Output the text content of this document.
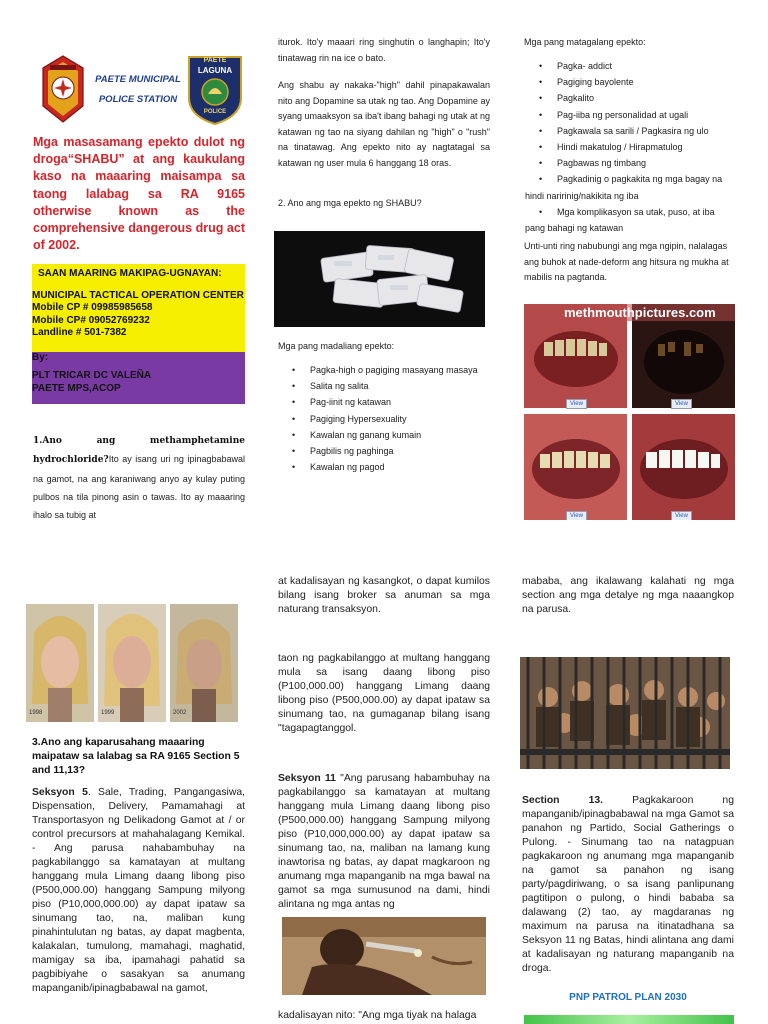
PAETE MUNICIPAL
POLICE STATION
PAETE
LAGUNA
POLICE
Mga masasamang epekto dulot ng droga“SHABU” at ang kaukulang kaso na maaaring maisampa sa taong lalabag sa RA 9165 otherwise known as the comprehensive dangerous drug act of 2002.
SAAN MAARING MAKIPAG-UGNAYAN:
MUNICIPAL TACTICAL OPERATION CENTER
Mobile CP # 09985985658
Mobile CP# 09052769232
Landline # 501-7382
By:
PLT TRICAR DC VALEÑA
PAETE MPS,ACOP
1.Ano ang methamphetamine hydrochloride?Ito ay isang uri ng ipinagbabawal na gamot, na ang karaniwang anyo ay kulay puting pulbos na tila pinong asin o tawas. Ito ay maaaring ihalo sa tubig at
iturok. Ito'y maaari ring singhutin o langhapin; Ito'y tinatawag rin na ice o bato.
Ang shabu ay nakaka-"high" dahil pinapakawalan nito ang Dopamine sa utak ng tao. Ang Dopamine ay syang umaaksyon sa iba't ibang bahagi ng utak at ng katawan ng tao na siyang dahilan ng "high" o "rush" na tinatawag. Ang epekto nito ay nagtatagal sa katawan ng user mula 6 hanggang 18 oras.
2. Ano ang mga epekto ng SHABU?
Mga pang madaliang epekto:
• Pagka-high o pagiging masayang masaya
• Salita ng salita
• Pag-iinit ng katawan
• Pagiging Hypersexuality
• Kawalan ng ganang kumain
• Pagbilis ng paghinga
• Kawalan ng pagod
Mga pang matagalang epekto:
• Pagka- addict
• Pagiging bayolente
• Pagkalito
• Pag-iiba ng personalidad at ugali
• Pagkawala sa sarili / Pagkasira ng ulo
• Hindi makatulog / Hirapmatulog
• Pagbawas ng timbang
• Pagkadinig o pagkakita ng mga bagay na hindi naririnig/nakikita ng iba
• Mga komplikasyon sa utak, puso, at iba pang bahagi ng katawan
Unti-unti ring nabubungi ang mga ngipin, nalalagas ang buhok at nade-deform ang hitsura ng mukha at mabilis na pagtanda.
methmouthpictures.com
View	View
View	View
1998	1999	2002
3.Ano ang kaparusahang maaaring maipataw sa lalabag sa RA 9165 Section 5 and 11,13?
Seksyon 5. Sale, Trading, Pangangasiwa, Dispensation, Delivery, Pamamahagi at Transportasyon ng Delikadong Gamot at / or control precursors at mahahalagang Kemikal. - Ang parusa nahabambuhay na pagkabilanggo sa kamatayan at multang hanggang mula Limang daang libong piso (P500,000.00) hanggang Sampung milyong piso (P10,000,000.00) ay dapat ipataw sa sinumang tao, na, maliban kung pinahintulutan ng batas, ay dapat magbenta, kalakalan, tumulong, mamahagi, maghatid, mamigay sa iba, ipamahagi pahatid sa pagbibiyahe o sasakyan sa anumang mapanganib/ipinagbabawal na gamot,
at kadalisayan ng kasangkot, o dapat kumilos bilang isang broker sa anuman sa mga naturang transaksyon.
taon ng pagkabilanggo at multang hanggang mula sa isang daang libong piso (P100,000.00) hanggang Limang daang libong piso (P500,000.00) ay dapat ipataw sa sinumang tao, na gumaganap bilang isang "tagapagtanggol.
Seksyon 11 "Ang parusang habambuhay na pagkabilanggo sa kamatayan at multang hanggang mula Limang daang libong piso (P500,000.00) hanggang Sampung milyong piso (P10,000,000.00) ay dapat ipataw sa sinumang tao, na, maliban na lamang kung inawtorisa ng batas, ay dapat magkaroon ng anumang mga mapanganib na mga bawal na gamot sa mga sumusunod na dami, hindi alintana ng mga antas ng
kadalisayan nito: "Ang mga tiyak na halaga
mababa, ang ikalawang kalahati ng mga section ang mga detalye ng mga naaangkop na parusa.
Section 13. Pagkakaroon ng mapanganib/ipinagbabawal na mga Gamot sa panahon ng Partido, Social Gatherings o Pulong. - Sinumang tao na natagpuan pagkakaroon ng anumang mga mapanganib na gamot sa panahon ng isang party/pagdiriwang, o sa isang panlipunang pagtitipon o pulong, o hindi bababa sa dalawang (2) tao, ay magdaranas ng maximum na parusa na itinatadhana sa Seksyon 11 ng Batas, hindi alintana ang dami at kadalisayan ng naturang mapanganib na droga.
PNP PATROL PLAN 2030
